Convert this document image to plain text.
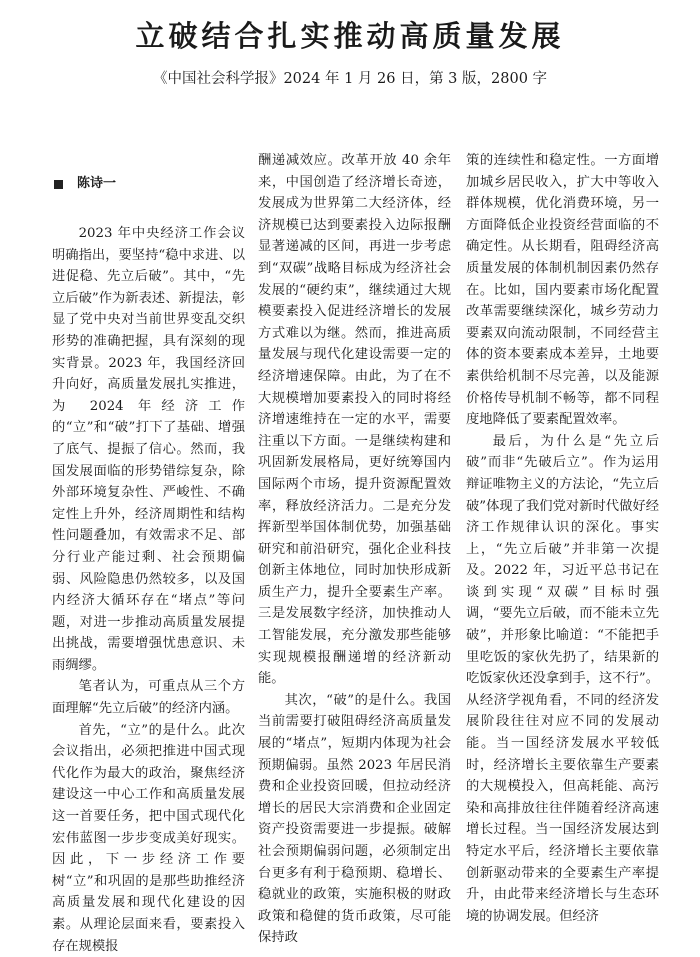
立破结合扎实推动高质量发展

《中国社会科学报》2024 年 1 月 26 日，第 3 版，2800 字

陈诗一

2023 年中央经济工作会议明确指出，要坚持“稳中求进、以进促稳、先立后破”。其中，“先立后破”作为新表述、新提法，彰显了党中央对当前世界变乱交织形势的准确把握，具有深刻的现实背景。2023 年，我国经济回升向好，高质量发展扎实推进，为 2024 年经济工作的“立”和“破”打下了基础、增强了底气、提振了信心。然而，我国发展面临的形势错综复杂，除外部环境复杂性、严峻性、不确定性上升外，经济周期性和结构性问题叠加，有效需求不足、部分行业产能过剩、社会预期偏弱、风险隐患仍然较多，以及国内经济大循环存在“堵点”等问题，对进一步推动高质量发展提出挑战，需要增强忧患意识、未雨绸缪。

笔者认为，可重点从三个方面理解“先立后破”的经济内涵。

首先，“立”的是什么。此次会议指出，必须把推进中国式现代化作为最大的政治，聚焦经济建设这一中心工作和高质量发展这一首要任务，把中国式现代化宏伟蓝图一步步变成美好现实。因此，下一步经济工作要树“立”和巩固的是那些助推经济高质量发展和现代化建设的因素。从理论层面来看，要素投入存在规模报

酬递减效应。改革开放 40 余年来，中国创造了经济增长奇迹，发展成为世界第二大经济体，经济规模已达到要素投入边际报酬显著递减的区间，再进一步考虑到“双碳”战略目标成为经济社会发展的“硬约束”，继续通过大规模要素投入促进经济增长的发展方式难以为继。然而，推进高质量发展与现代化建设需要一定的经济增速保障。由此，为了在不大规模增加要素投入的同时将经济增速维持在一定的水平，需要注重以下方面。一是继续构建和巩固新发展格局，更好统筹国内国际两个市场，提升资源配置效率，释放经济活力。二是充分发挥新型举国体制优势，加强基础研究和前沿研究，强化企业科技创新主体地位，同时加快形成新质生产力，提升全要素生产率。三是发展数字经济，加快推动人工智能发展，充分激发那些能够实现规模报酬递增的经济新动能。

其次，“破”的是什么。我国当前需要打破阻碍经济高质量发展的“堵点”，短期内体现为社会预期偏弱。虽然 2023 年居民消费和企业投资回暖，但拉动经济增长的居民大宗消费和企业固定资产投资需要进一步提振。破解社会预期偏弱问题，必须制定出台更多有利于稳预期、稳增长、稳就业的政策，实施积极的财政政策和稳健的货币政策，尽可能保持政

策的连续性和稳定性。一方面增加城乡居民收入，扩大中等收入群体规模，优化消费环境，另一方面降低企业投资经营面临的不确定性。从长期看，阻碍经济高质量发展的体制机制因素仍然存在。比如，国内要素市场化配置改革需要继续深化，城乡劳动力要素双向流动限制，不同经营主体的资本要素成本差异，土地要素供给机制不尽完善，以及能源价格传导机制不畅等，都不同程度地降低了要素配置效率。

最后，为什么是“先立后破”而非“先破后立”。作为运用辩证唯物主义的方法论，“先立后破”体现了我们党对新时代做好经济工作规律认识的深化。事实上，“先立后破”并非第一次提及。2022 年，习近平总书记在谈到实现“双碳”目标时强调，“要先立后破，而不能未立先破”，并形象比喻道：“不能把手里吃饭的家伙先扔了，结果新的吃饭家伙还没拿到手，这不行”。从经济学视角看，不同的经济发展阶段往往对应不同的发展动能。当一国经济发展水平较低时，经济增长主要依靠生产要素的大规模投入，但高耗能、高污染和高排放往往伴随着经济高速增长过程。当一国经济发展达到特定水平后，经济增长主要依靠创新驱动带来的全要素生产率提升，由此带来经济增长与生态环境的协调发展。但经济
